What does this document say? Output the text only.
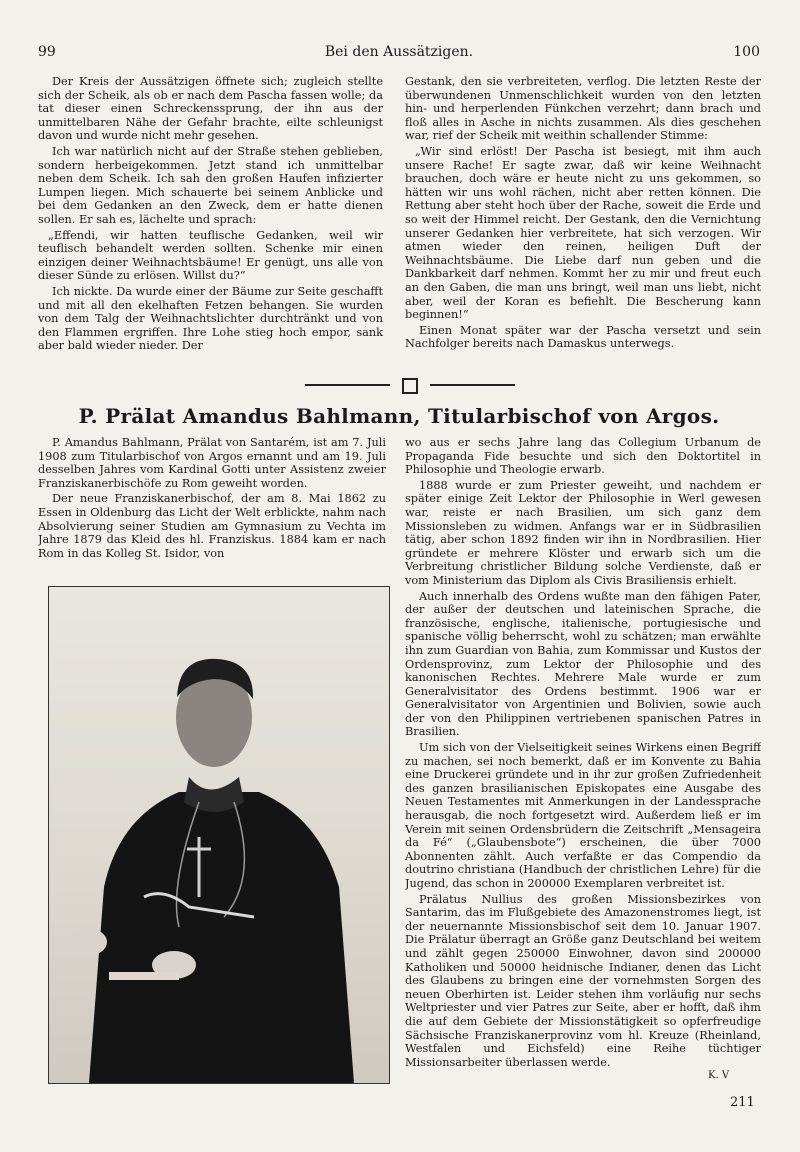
99	Bei den Aussätzigen.	100

Der Kreis der Aussätzigen öffnete sich; zugleich stellte sich der Scheik, als ob er nach dem Pascha fassen wolle; da tat dieser einen Schreckenssprung, der ihn aus der unmittelbaren Nähe der Gefahr brachte, eilte schleunigst davon und wurde nicht mehr gesehen.

Ich war natürlich nicht auf der Straße stehen geblieben, sondern herbeigekommen. Jetzt stand ich unmittelbar neben dem Scheik. Ich sah den großen Haufen infizierter Lumpen liegen. Mich schauerte bei seinem Anblicke und bei dem Gedanken an den Zweck, dem er hatte dienen sollen. Er sah es, lächelte und sprach:

„Effendi, wir hatten teuflische Gedanken, weil wir teuflisch behandelt werden sollten. Schenke mir einen einzigen deiner Weihnachtsbäume! Er genügt, uns alle von dieser Sünde zu erlösen. Willst du?“

Ich nickte. Da wurde einer der Bäume zur Seite geschafft und mit all den ekelhaften Fetzen behangen. Sie wurden von dem Talg der Weihnachtslichter durchtränkt und von den Flammen ergriffen. Ihre Lohe stieg hoch empor, sank aber bald wieder nieder. Der

Gestank, den sie verbreiteten, verflog. Die letzten Reste der überwundenen Unmenschlichkeit wurden von den letzten hin- und herperlenden Fünkchen verzehrt; dann brach und floß alles in Asche in nichts zusammen. Als dies geschehen war, rief der Scheik mit weithin schallender Stimme:

„Wir sind erlöst! Der Pascha ist besiegt, mit ihm auch unsere Rache! Er sagte zwar, daß wir keine Weihnacht brauchen, doch wäre er heute nicht zu uns gekommen, so hätten wir uns wohl rächen, nicht aber retten können. Die Rettung aber steht hoch über der Rache, soweit die Erde und so weit der Himmel reicht. Der Gestank, den die Vernichtung unserer Gedanken hier verbreitete, hat sich verzogen. Wir atmen wieder den reinen, heiligen Duft der Weihnachtsbäume. Die Liebe darf nun geben und die Dankbarkeit darf nehmen. Kommt her zu mir und freut euch an den Gaben, die man uns bringt, weil man uns liebt, nicht aber, weil der Koran es befiehlt. Die Bescherung kann beginnen!“

Einen Monat später war der Pascha versetzt und sein Nachfolger bereits nach Damaskus unterwegs.

P. Prälat Amandus Bahlmann, Titularbischof von Argos.

P. Amandus Bahlmann, Prälat von Santarém, ist am 7. Juli 1908 zum Titularbischof von Argos ernannt und am 19. Juli desselben Jahres vom Kardinal Gotti unter Assistenz zweier Franziskanerbischöfe zu Rom geweiht worden.

Der neue Franziskanerbischof, der am 8. Mai 1862 zu Essen in Oldenburg das Licht der Welt erblickte, nahm nach Absolvierung seiner Studien am Gymnasium zu Vechta im Jahre 1879 das Kleid des hl. Franziskus. 1884 kam er nach Rom in das Kolleg St. Isidor, von

wo aus er sechs Jahre lang das Collegium Urbanum de Propaganda Fide besuchte und sich den Doktortitel in Philosophie und Theologie erwarb.

1888 wurde er zum Priester geweiht, und nachdem er später einige Zeit Lektor der Philosophie in Werl gewesen war, reiste er nach Brasilien, um sich ganz dem Missionsleben zu widmen. Anfangs war er in Südbrasilien tätig, aber schon 1892 finden wir ihn in Nordbrasilien. Hier gründete er mehrere Klöster und erwarb sich um die Verbreitung christlicher Bildung solche Verdienste, daß er vom Ministerium das Diplom als Civis Brasiliensis erhielt.

Auch innerhalb des Ordens wußte man den fähigen Pater, der außer der deutschen und lateinischen Sprache, die französische, englische, italienische, portugiesische und spanische völlig beherrscht, wohl zu schätzen; man erwählte ihn zum Guardian von Bahia, zum Kommissar und Kustos der Ordensprovinz, zum Lektor der Philosophie und des kanonischen Rechtes. Mehrere Male wurde er zum Generalvisitator des Ordens bestimmt. 1906 war er Generalvisitator von Argentinien und Bolivien, sowie auch der von den Philippinen vertriebenen spanischen Patres in Brasilien.

Um sich von der Vielseitigkeit seines Wirkens einen Begriff zu machen, sei noch bemerkt, daß er im Konvente zu Bahia eine Druckerei gründete und in ihr zur großen Zufriedenheit des ganzen brasilianischen Episkopates eine Ausgabe des Neuen Testamentes mit Anmerkungen in der Landessprache herausgab, die noch fortgesetzt wird. Außerdem ließ er im Verein mit seinen Ordensbrüdern die Zeitschrift „Mensageira da Fé“ („Glaubensbote“) erscheinen, die über 7000 Abonnenten zählt. Auch verfaßte er das Compendio da doutrino christiana (Handbuch der christlichen Lehre) für die Jugend, das schon in 200000 Exemplaren verbreitet ist.

Prälatus Nullius des großen Missionsbezirkes von Santarim, das im Flußgebiete des Amazonenstromes liegt, ist der neuernannte Missionsbischof seit dem 10. Januar 1907. Die Prälatur überragt an Größe ganz Deutschland bei weitem und zählt gegen 250000 Einwohner, davon sind 200000 Katholiken und 50000 heidnische Indianer, denen das Licht des Glaubens zu bringen eine der vornehmsten Sorgen des neuen Oberhirten ist. Leider stehen ihm vorläufig nur sechs Weltpriester und vier Patres zur Seite, aber er hofft, daß ihm die auf dem Gebiete der Missionstätigkeit so opferfreudige Sächsische Franziskanerprovinz vom hl. Kreuze (Rheinland, Westfalen und Eichsfeld) eine Reihe tüchtiger Missionsarbeiter überlassen werde.

K. V
211
